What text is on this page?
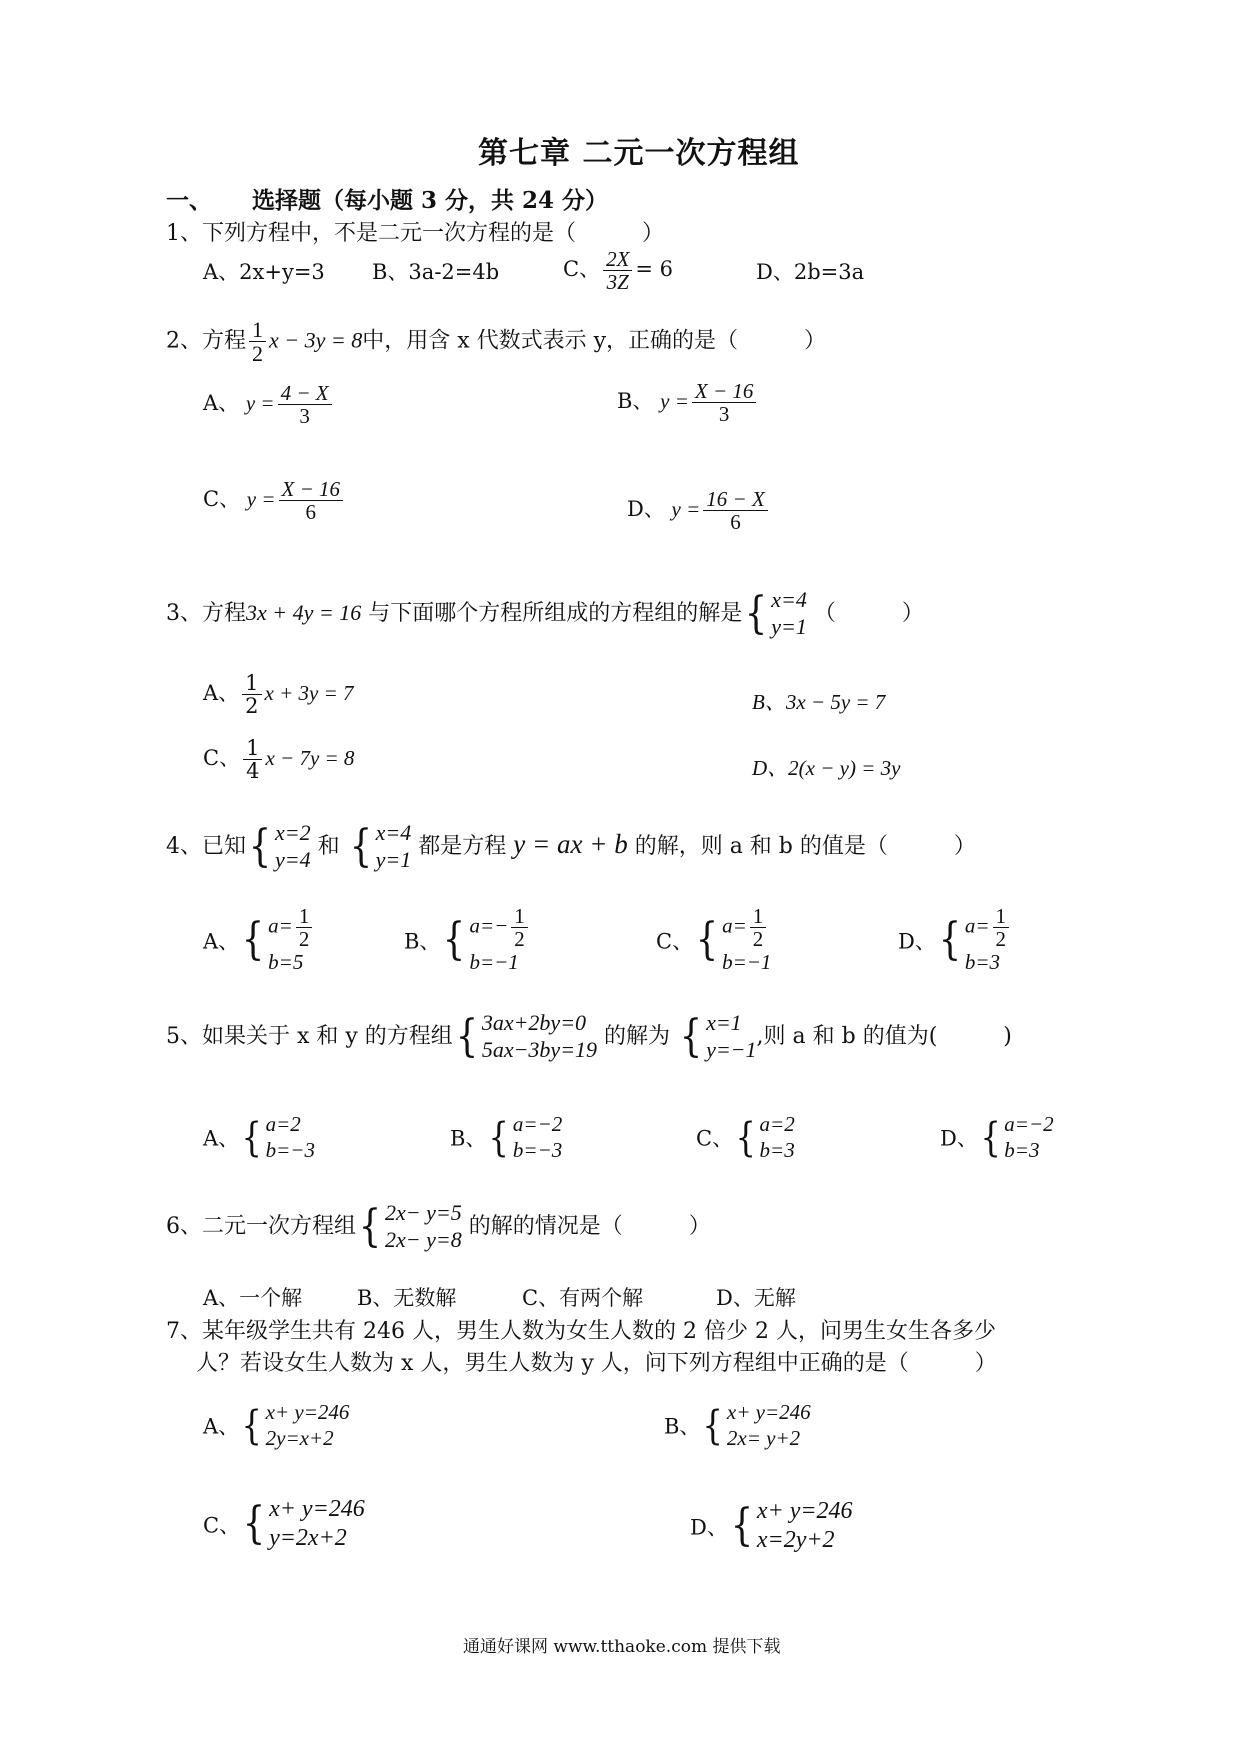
第七章 二元一次方程组
一、 选择题（每小题 3 分，共 24 分）
1、下列方程中，不是二元一次方程的是（　　　）
A、2x+y=3 B、3a-2=4b	C、 $\frac{2X}{3Z} = 6$	D、2b=3a
2、方程 $\frac{1}{2}$ x − 3y = 8中，用含 x 代数式表示 y，正确的是（　　　）
A、 $y = \frac{4 - X}{3}$	B、 $y = \frac{X - 16}{3}$
C、 $y = \frac{X - 16}{6}$	D、 $y = \frac{16 - X}{6}$
3、方程3x + 4y = 16 与下面哪个方程所组成的方程组的解是 { x=4
y=1
（　　　）
A、 $\frac{1}{2}$ x + 3y = 7	B、3x − 5y = 7
C、 $\frac{1}{4}$ x − 7y = 8	D、2(x − y) = 3y
4、已知 { x=2
y=4
和 { x=4
y=1
都是方程 y = ax + b 的解，则 a 和 b 的值是（　　　）
A、 { $a= \frac{1}{2}$
b=5
B、 { $a=- \frac{1}{2}$
b=−1
C、 { $a= \frac{1}{2}$
b=−1
D、 { $a= \frac{1}{2}$
b=3
5、如果关于 x 和 y 的方程组 { 3ax+2by=0
5ax−3by=19
的解为 { x=1
y=−1
,则 a 和 b 的值为(　　　)
A、 { a=2
b=−3	B、 { a=−2
b=−3	C、 { a=2
b=3	D、 { a=−2
b=3
6、二元一次方程组 { 2x− y=5
2x− y=8
的解的情况是（　　　）
A、一个解	B、无数解	C、有两个解	D、无解
7、某年级学生共有 246 人，男生人数为女生人数的 2 倍少 2 人，问男生女生各多少
人？若设女生人数为 x 人，男生人数为 y 人，问下列方程组中正确的是（　　　）
A、 { x+ y=246
2y=x+2	B、 { x+ y=246
2x= y+2
C、 { x+ y=246
y=2x+2	D、 { x+ y=246
x=2y+2
通通好课网 www.tthaoke.com 提供下载
